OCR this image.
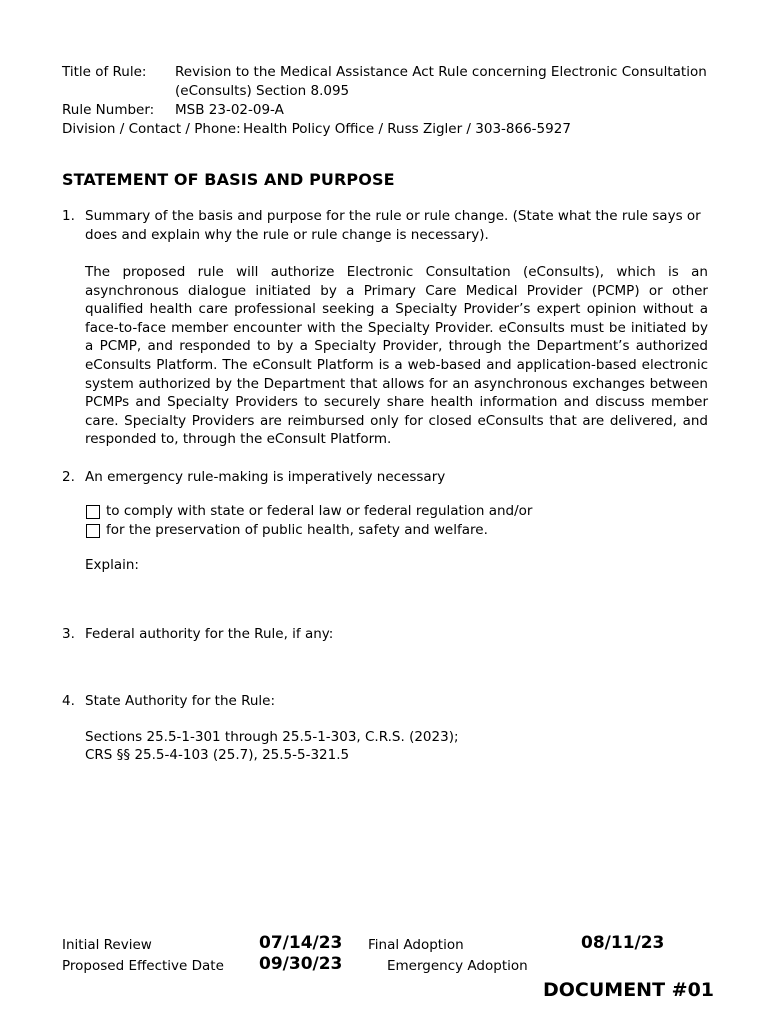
Title of Rule: Revision to the Medical Assistance Act Rule concerning Electronic Consultation
(eConsults) Section 8.095
Rule Number: MSB 23-02-09-A
Division / Contact / Phone: Health Policy Office / Russ Zigler / 303-866-5927
STATEMENT OF BASIS AND PURPOSE
1. Summary of the basis and purpose for the rule or rule change. (State what the rule says or
does and explain why the rule or rule change is necessary).
The proposed rule will authorize Electronic Consultation (eConsults), which is an asynchronous dialogue initiated by a Primary Care Medical Provider (PCMP) or other qualified health care professional seeking a Specialty Provider’s expert opinion without a face-to-face member encounter with the Specialty Provider. eConsults must be initiated by a PCMP, and responded to by a Specialty Provider, through the Department’s authorized eConsults Platform. The eConsult Platform is a web-based and application-based electronic system authorized by the Department that allows for an asynchronous exchanges between PCMPs and Specialty Providers to securely share health information and discuss member care. Specialty Providers are reimbursed only for closed eConsults that are delivered, and responded to, through the eConsult Platform.
2. An emergency rule-making is imperatively necessary
to comply with state or federal law or federal regulation and/or
for the preservation of public health, safety and welfare.
Explain:
3. Federal authority for the Rule, if any:
4. State Authority for the Rule:
Sections 25.5-1-301 through 25.5-1-303, C.R.S. (2023);
CRS §§ 25.5-4-103 (25.7), 25.5-5-321.5
Initial Review	07/14/23 Final Adoption	08/11/23
Proposed Effective Date 09/30/23	Emergency Adoption
DOCUMENT #01
